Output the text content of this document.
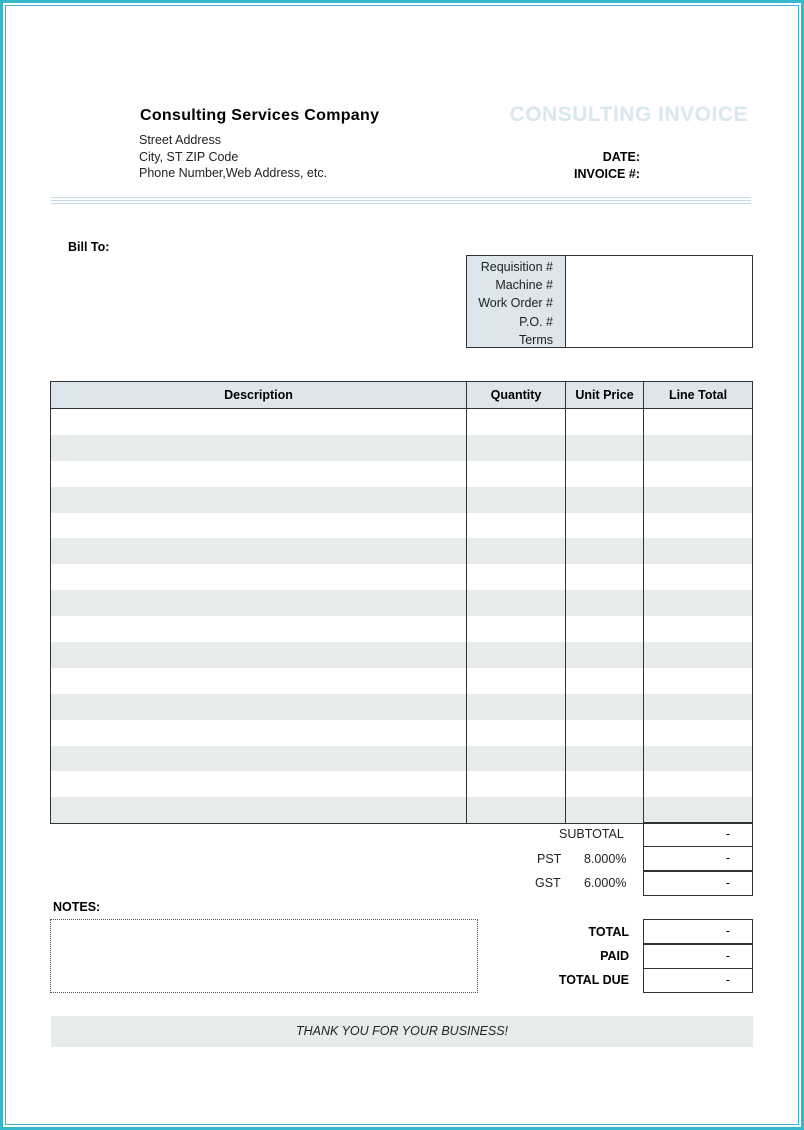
Consulting Services Company
Street Address
City, ST ZIP Code
Phone Number,Web Address, etc.
CONSULTING INVOICE
DATE:
INVOICE #:
Bill To:
Requisition #
Machine #
Work Order #
P.O. #
Terms
Description	Quantity	Unit Price	Line Total
SUBTOTAL	-
PST 8.000%	-
GST 6.000%	-
TOTAL	-
PAID	-
TOTAL DUE	-
NOTES:
THANK YOU FOR YOUR BUSINESS!
